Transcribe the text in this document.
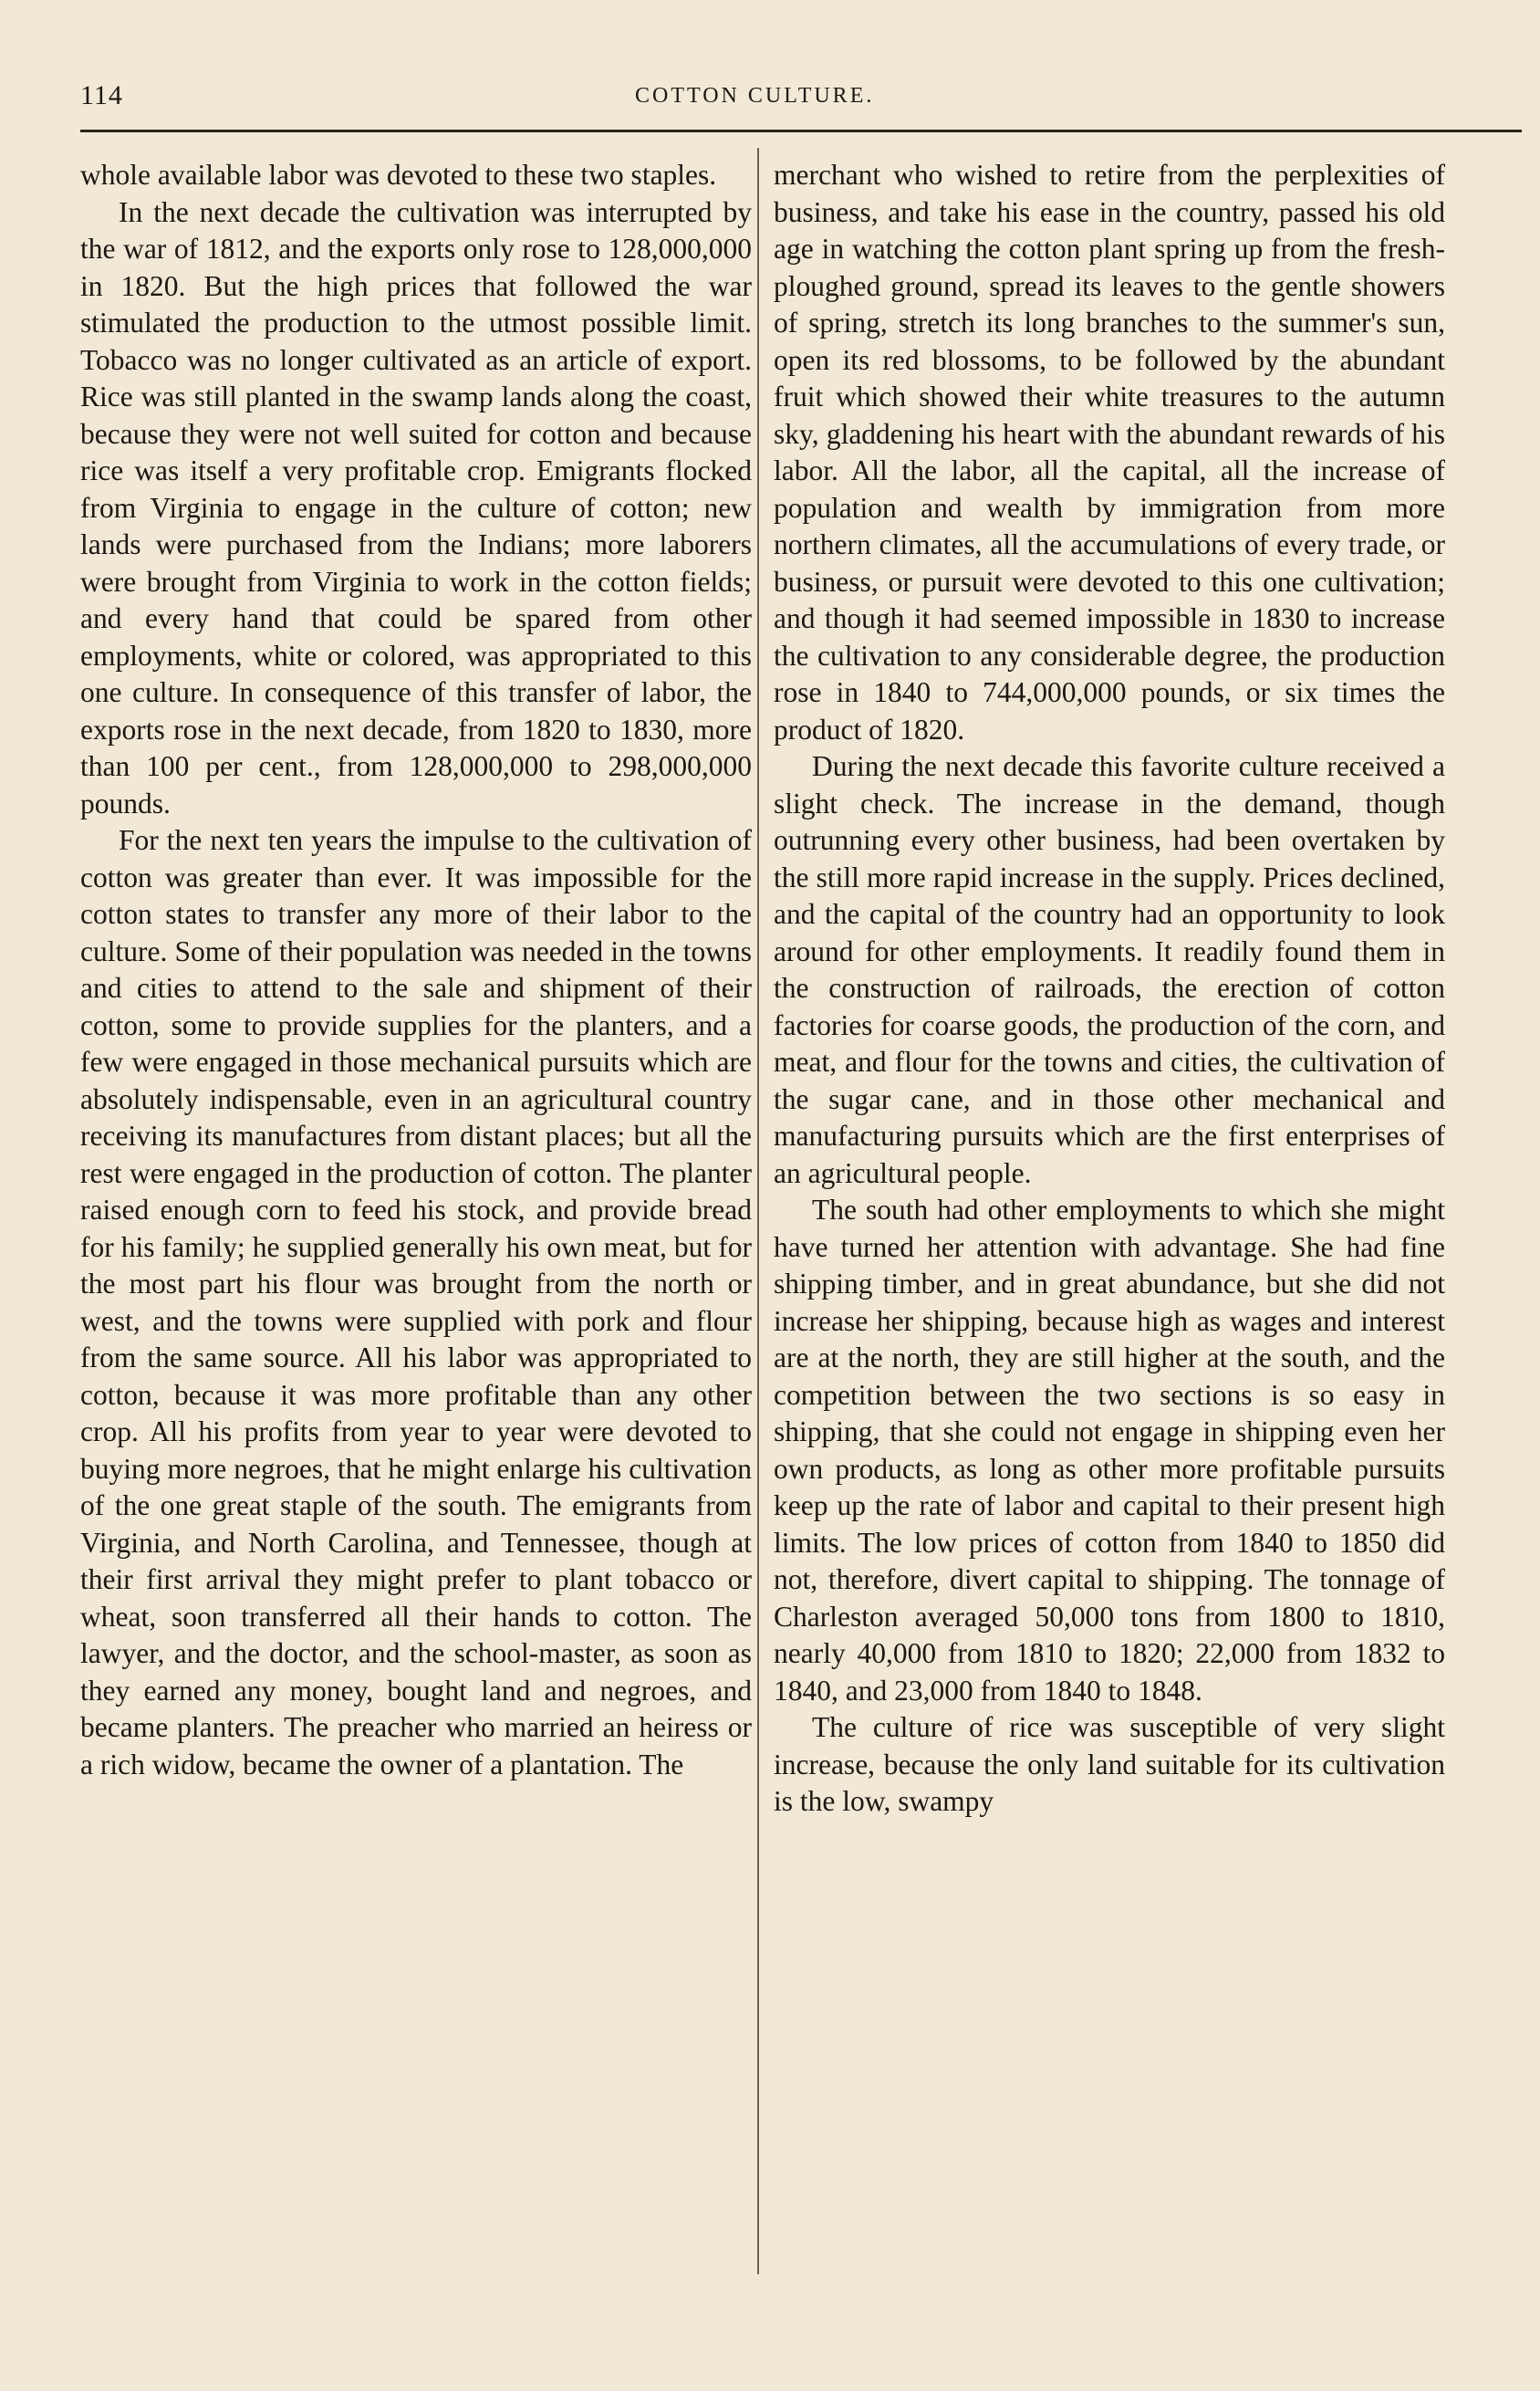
114	COTTON CULTURE.

whole available labor was devoted to these two staples.

In the next decade the cultivation was interrupted by the war of 1812, and the exports only rose to 128,000,000 in 1820. But the high prices that followed the war stimulated the production to the utmost possible limit. Tobacco was no longer cultivated as an article of export. Rice was still planted in the swamp lands along the coast, because they were not well suited for cotton and because rice was itself a very profitable crop. Emigrants flocked from Virginia to engage in the culture of cotton; new lands were purchased from the Indians; more laborers were brought from Virginia to work in the cotton fields; and every hand that could be spared from other employments, white or colored, was appropriated to this one culture. In consequence of this transfer of labor, the exports rose in the next decade, from 1820 to 1830, more than 100 per cent., from 128,000,000 to 298,000,000 pounds.

For the next ten years the impulse to the cultivation of cotton was greater than ever. It was impossible for the cotton states to transfer any more of their labor to the culture. Some of their population was needed in the towns and cities to attend to the sale and shipment of their cotton, some to provide supplies for the planters, and a few were engaged in those mechanical pursuits which are absolutely indispensable, even in an agricultural country receiving its manufactures from distant places; but all the rest were engaged in the production of cotton. The planter raised enough corn to feed his stock, and provide bread for his family; he supplied generally his own meat, but for the most part his flour was brought from the north or west, and the towns were supplied with pork and flour from the same source. All his labor was appropriated to cotton, because it was more profitable than any other crop. All his profits from year to year were devoted to buying more negroes, that he might enlarge his cultivation of the one great staple of the south. The emigrants from Virginia, and North Carolina, and Tennessee, though at their first arrival they might prefer to plant tobacco or wheat, soon transferred all their hands to cotton. The lawyer, and the doctor, and the school-master, as soon as they earned any money, bought land and negroes, and became planters. The preacher who married an heiress or a rich widow, became the owner of a plantation. The

merchant who wished to retire from the perplexities of business, and take his ease in the country, passed his old age in watching the cotton plant spring up from the fresh-ploughed ground, spread its leaves to the gentle showers of spring, stretch its long branches to the summer's sun, open its red blossoms, to be followed by the abundant fruit which showed their white treasures to the autumn sky, gladdening his heart with the abundant rewards of his labor. All the labor, all the capital, all the increase of population and wealth by immigration from more northern climates, all the accumulations of every trade, or business, or pursuit were devoted to this one cultivation; and though it had seemed impossible in 1830 to increase the cultivation to any considerable degree, the production rose in 1840 to 744,000,000 pounds, or six times the product of 1820.

During the next decade this favorite culture received a slight check. The increase in the demand, though outrunning every other business, had been overtaken by the still more rapid increase in the supply. Prices declined, and the capital of the country had an opportunity to look around for other employments. It readily found them in the construction of railroads, the erection of cotton factories for coarse goods, the production of the corn, and meat, and flour for the towns and cities, the cultivation of the sugar cane, and in those other mechanical and manufacturing pursuits which are the first enterprises of an agricultural people.

The south had other employments to which she might have turned her attention with advantage. She had fine shipping timber, and in great abundance, but she did not increase her shipping, because high as wages and interest are at the north, they are still higher at the south, and the competition between the two sections is so easy in shipping, that she could not engage in shipping even her own products, as long as other more profitable pursuits keep up the rate of labor and capital to their present high limits. The low prices of cotton from 1840 to 1850 did not, therefore, divert capital to shipping. The tonnage of Charleston averaged 50,000 tons from 1800 to 1810, nearly 40,000 from 1810 to 1820; 22,000 from 1832 to 1840, and 23,000 from 1840 to 1848.

The culture of rice was susceptible of very slight increase, because the only land suitable for its cultivation is the low, swampy
